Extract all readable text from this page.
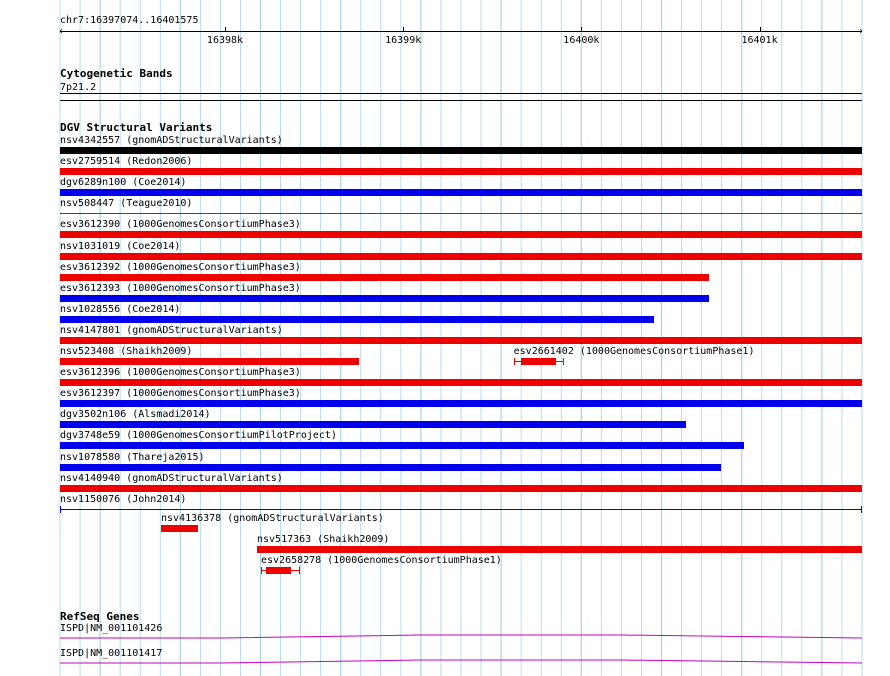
chr7:16397074..16401575
‹	›
16398k	16399k	16400k	16401k
Cytogenetic Bands
7p21.2
DGV Structural Variants
nsv4342557 (gnomADStructuralVariants)
esv2759514 (Redon2006)
dgv6289n100 (Coe2014)
nsv508447 (Teague2010)
esv3612390 (1000GenomesConsortiumPhase3)
nsv1031019 (Coe2014)
esv3612392 (1000GenomesConsortiumPhase3)
esv3612393 (1000GenomesConsortiumPhase3)
nsv1028556 (Coe2014)
nsv4147801 (gnomADStructuralVariants)
nsv523408 (Shaikh2009)	esv2661402 (1000GenomesConsortiumPhase1)
esv3612396 (1000GenomesConsortiumPhase3)
esv3612397 (1000GenomesConsortiumPhase3)
dgv3502n106 (Alsmadi2014)
dgv3748e59 (1000GenomesConsortiumPilotProject)
nsv1078580 (Thareja2015)
nsv4140940 (gnomADStructuralVariants)
nsv1150076 (John2014)
nsv4136378 (gnomADStructuralVariants)
nsv517363 (Shaikh2009)
esv2658278 (1000GenomesConsortiumPhase1)
RefSeq Genes
ISPD|NM_001101426
ISPD|NM_001101417
